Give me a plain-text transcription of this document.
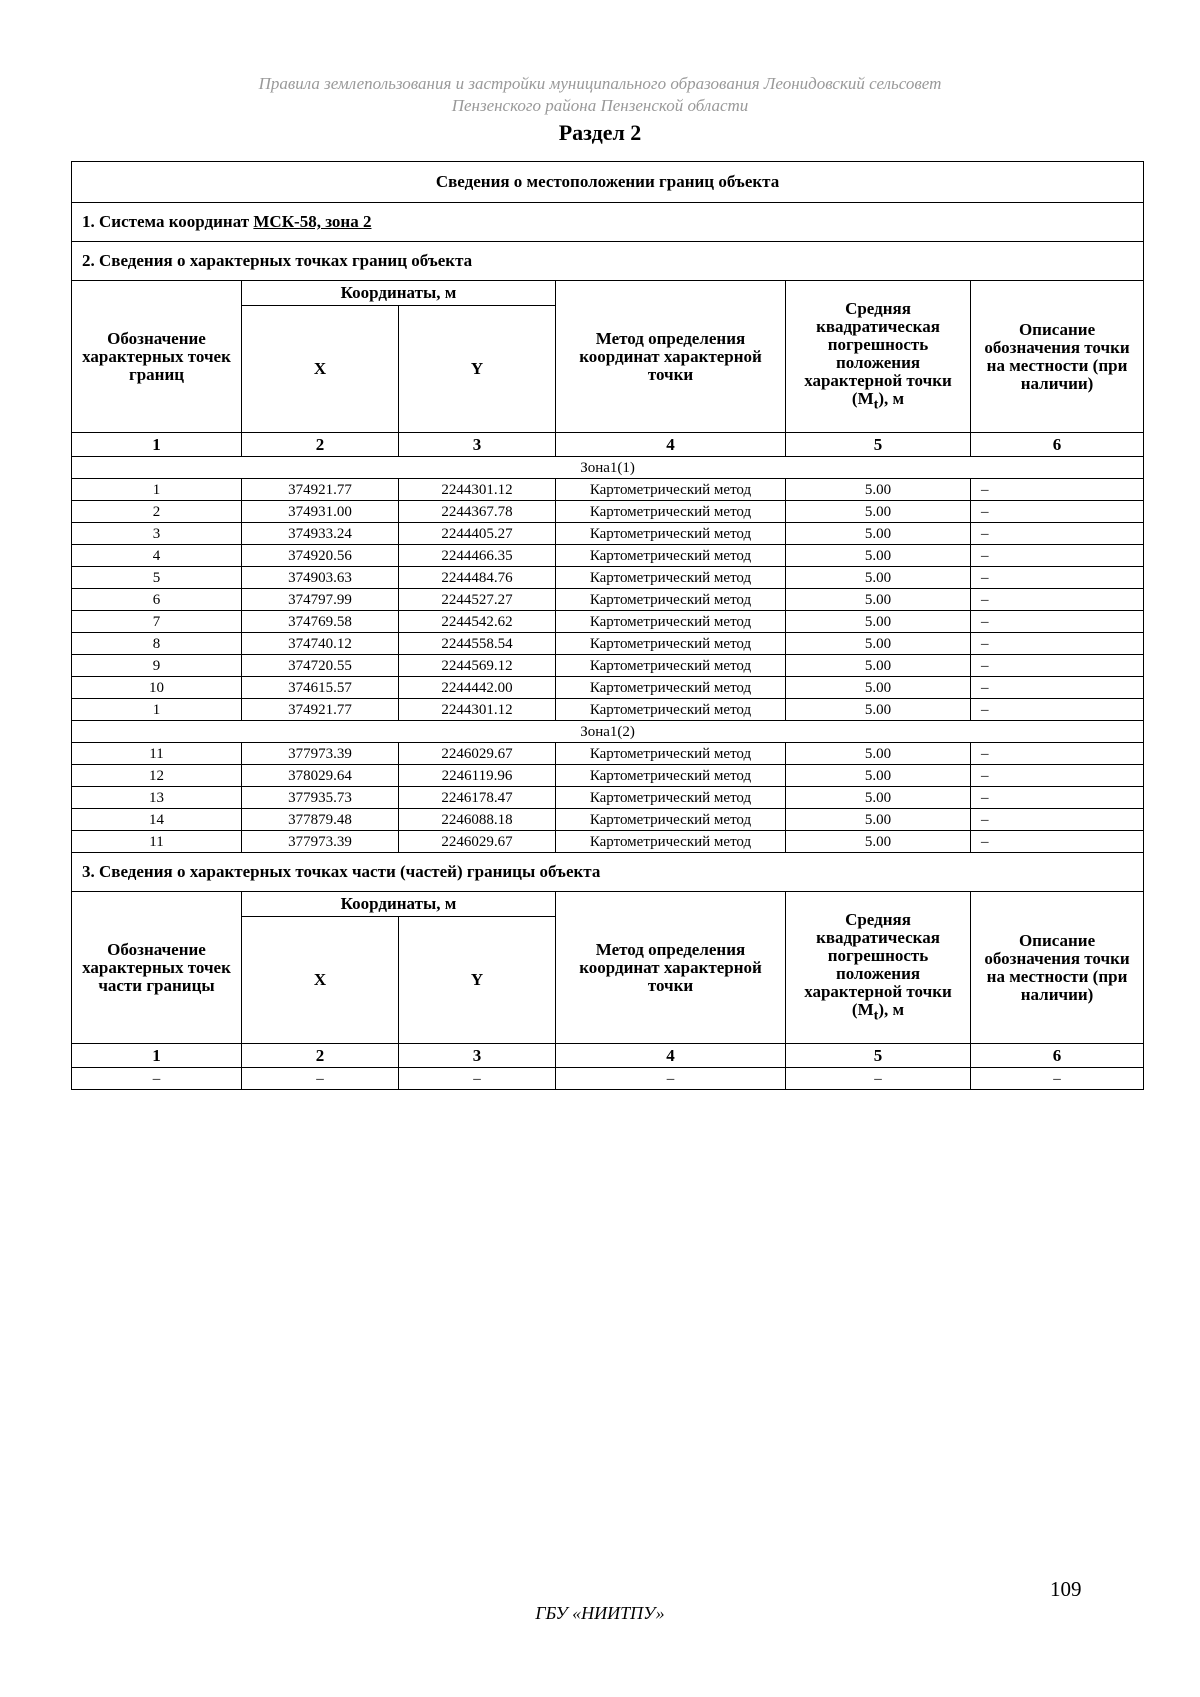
Правила землепользования и застройки муниципального образования Леонидовский сельсовет
Пензенского района Пензенской области
Раздел 2
Сведения о местоположении границ объекта					
1. Система координат МСК-58, зона 2					
2. Сведения о характерных точках границ объекта					
Обозначение характерных точек границ	Координаты, м		Метод определения координат характерной точки	Средняя квадратическая погрешность положения характерной точки $(M_t)$, м	Описание обозначения точки на местности (при наличии)
	X	Y			
1	2	3	4	5	6
Зона1(1)					
1	374921.77	2244301.12	Картометрический метод	5.00	–
2	374931.00	2244367.78	Картометрический метод	5.00	–
3	374933.24	2244405.27	Картометрический метод	5.00	–
4	374920.56	2244466.35	Картометрический метод	5.00	–
5	374903.63	2244484.76	Картометрический метод	5.00	–
6	374797.99	2244527.27	Картометрический метод	5.00	–
7	374769.58	2244542.62	Картометрический метод	5.00	–
8	374740.12	2244558.54	Картометрический метод	5.00	–
9	374720.55	2244569.12	Картометрический метод	5.00	–
10	374615.57	2244442.00	Картометрический метод	5.00	–
1	374921.77	2244301.12	Картометрический метод	5.00	–
Зона1(2)					
11	377973.39	2246029.67	Картометрический метод	5.00	–
12	378029.64	2246119.96	Картометрический метод	5.00	–
13	377935.73	2246178.47	Картометрический метод	5.00	–
14	377879.48	2246088.18	Картометрический метод	5.00	–
11	377973.39	2246029.67	Картометрический метод	5.00	–
3. Сведения о характерных точках части (частей) границы объекта					
Обозначение характерных точек части границы	Координаты, м		Метод определения координат характерной точки	Средняя квадратическая погрешность положения характерной точки $(M_t)$, м	Описание обозначения точки на местности (при наличии)
	X	Y			
1	2	3	4	5	6
–	–	–	–	–	–
109
ГБУ «НИИТПУ»
